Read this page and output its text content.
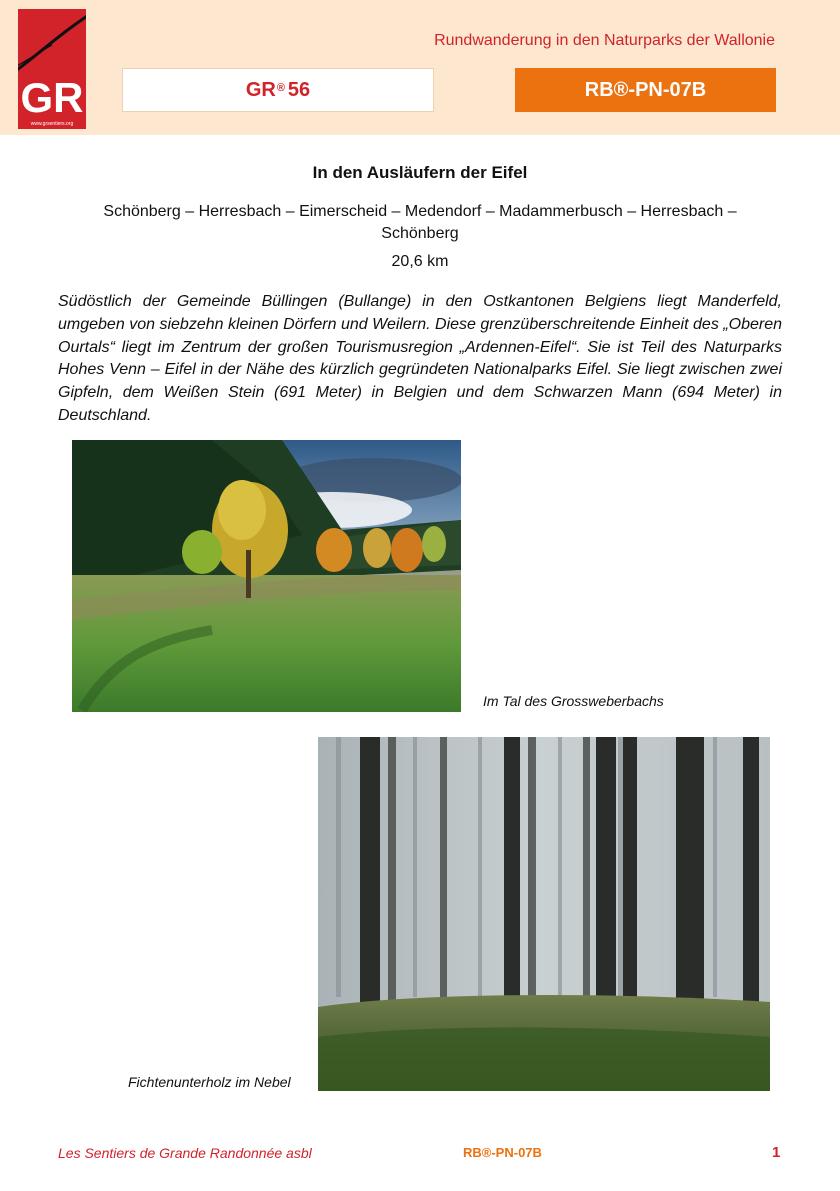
GR
www.grsentiers.org
Rundwanderung in den Naturparks der Wallonie
GR® 56	RB®-PN-07B
In den Ausläufern der Eifel
Schönberg – Herresbach – Eimerscheid – Medendorf – Madammerbusch – Herresbach – Schönberg
20,6 km
Südöstlich der Gemeinde Büllingen (Bullange) in den Ostkantonen Belgiens liegt Manderfeld, umgeben von siebzehn kleinen Dörfern und Weilern. Diese grenzüberschreitende Einheit des „Oberen Ourtals“ liegt im Zentrum der großen Tourismusregion „Ardennen-Eifel“. Sie ist Teil des Naturparks Hohes Venn – Eifel in der Nähe des kürzlich gegründeten Nationalparks Eifel. Sie liegt zwischen zwei Gipfeln, dem Weißen Stein (691 Meter) in Belgien und dem Schwarzen Mann (694 Meter) in Deutschland.
Im Tal des Grossweberbachs
Fichtenunterholz im Nebel
Les Sentiers de Grande Randonnée asbl	RB®-PN-07B	1
